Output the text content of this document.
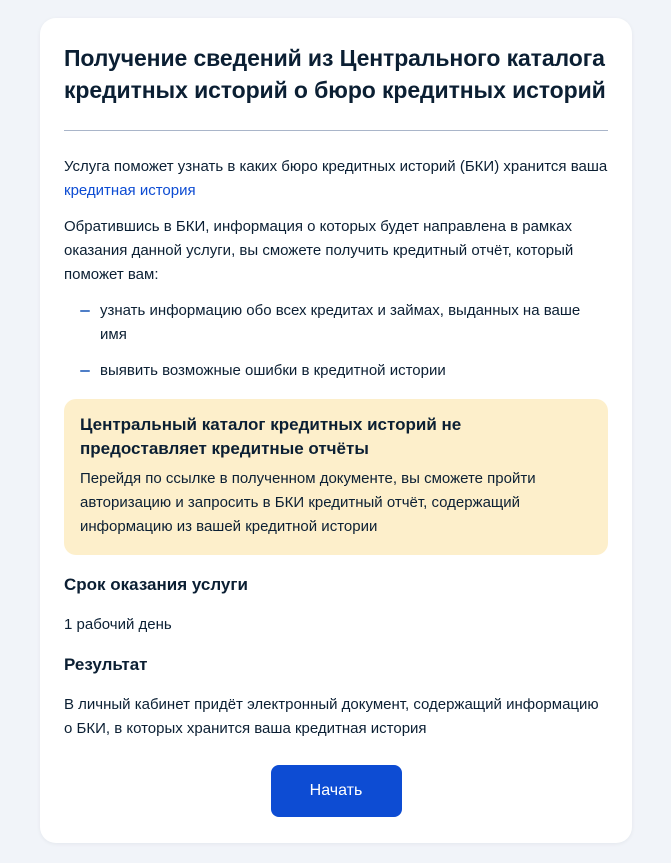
Получение сведений из Центрального каталога кредитных историй о бюро кредитных историй

Услуга поможет узнать в каких бюро кредитных историй (БКИ) хранится ваша кредитная история

Обратившись в БКИ, информация о которых будет направлена в рамках оказания данной услуги, вы сможете получить кредитный отчёт, который поможет вам:

узнать информацию обо всех кредитах и займах, выданных на ваше имя
выявить возможные ошибки в кредитной истории
Центральный каталог кредитных историй не предоставляет кредитные отчёты
Перейдя по ссылке в полученном документе, вы сможете пройти авторизацию и запросить в БКИ кредитный отчёт, содержащий информацию из вашей кредитной истории
Срок оказания услуги
1 рабочий день
Результат
В личный кабинет придёт электронный документ, содержащий информацию о БКИ, в которых хранится ваша кредитная история
Начать
